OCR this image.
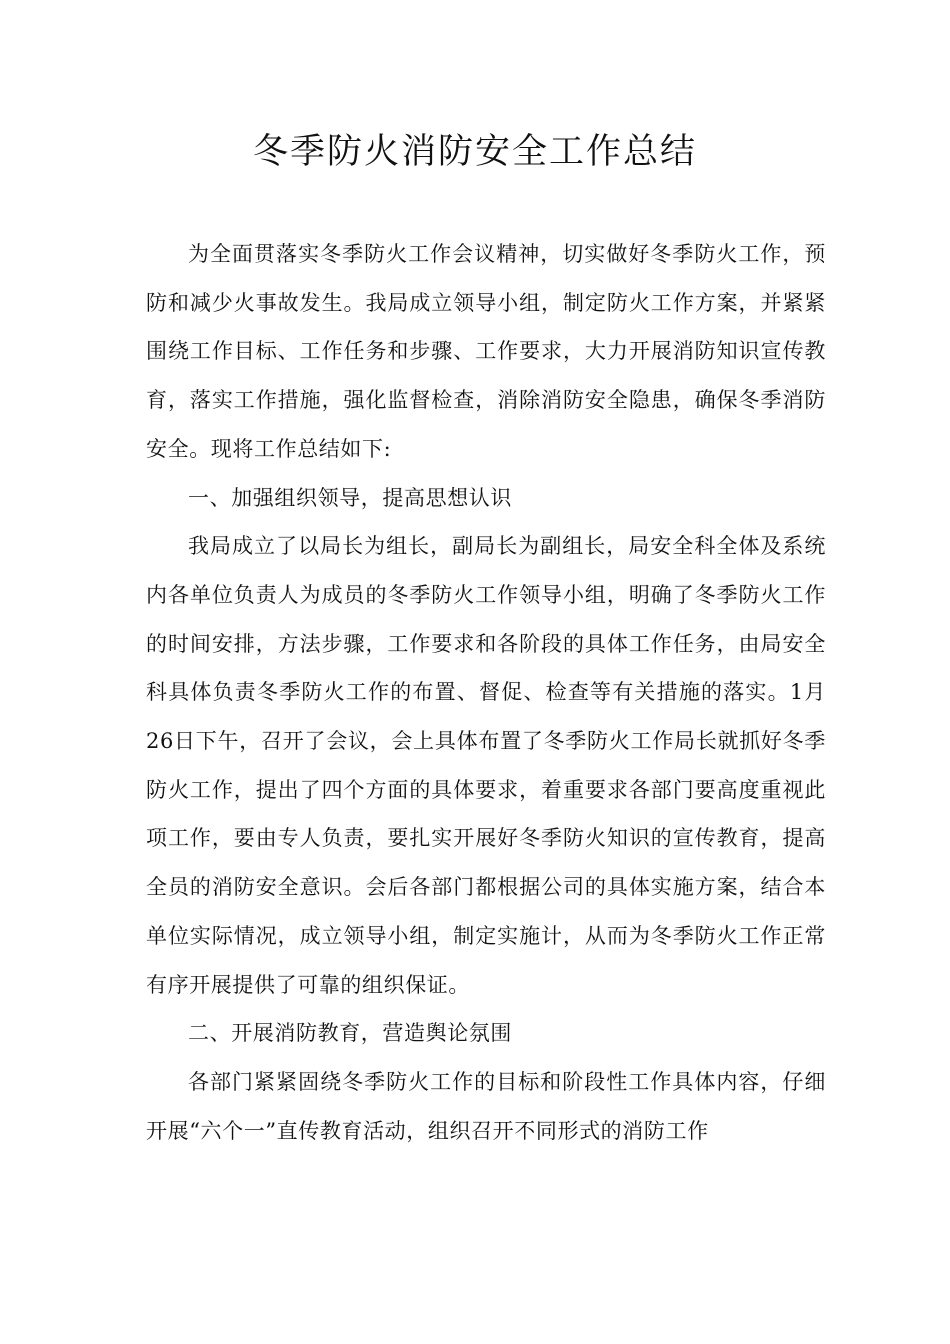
冬季防火消防安全工作总结

为全面贯落实冬季防火工作会议精神，切实做好冬季防火工作，预防和减少火事故发生。我局成立领导小组，制定防火工作方案，并紧紧围绕工作目标、工作任务和步骤、工作要求，大力开展消防知识宣传教育，落实工作措施，强化监督检查，消除消防安全隐患，确保冬季消防安全。现将工作总结如下:

一、加强组织领导，提高思想认识

我局成立了以局长为组长，副局长为副组长，局安全科全体及系统内各单位负责人为成员的冬季防火工作领导小组，明确了冬季防火工作的时间安排，方法步骤，工作要求和各阶段的具体工作任务，由局安全科具体负责冬季防火工作的布置、督促、检查等有关措施的落实。1月26日下午，召开了会议，会上具体布置了冬季防火工作局长就抓好冬季防火工作，提出了四个方面的具体要求，着重要求各部门要高度重视此项工作，要由专人负责，要扎实开展好冬季防火知识的宣传教育，提高全员的消防安全意识。会后各部门都根据公司的具体实施方案，结合本单位实际情况，成立领导小组，制定实施计，从而为冬季防火工作正常有序开展提供了可靠的组织保证。

二、开展消防教育，营造舆论氛围

各部门紧紧固绕冬季防火工作的目标和阶段性工作具体内容，仔细开展“六个一”直传教育活动，组织召开不同形式的消防工作
